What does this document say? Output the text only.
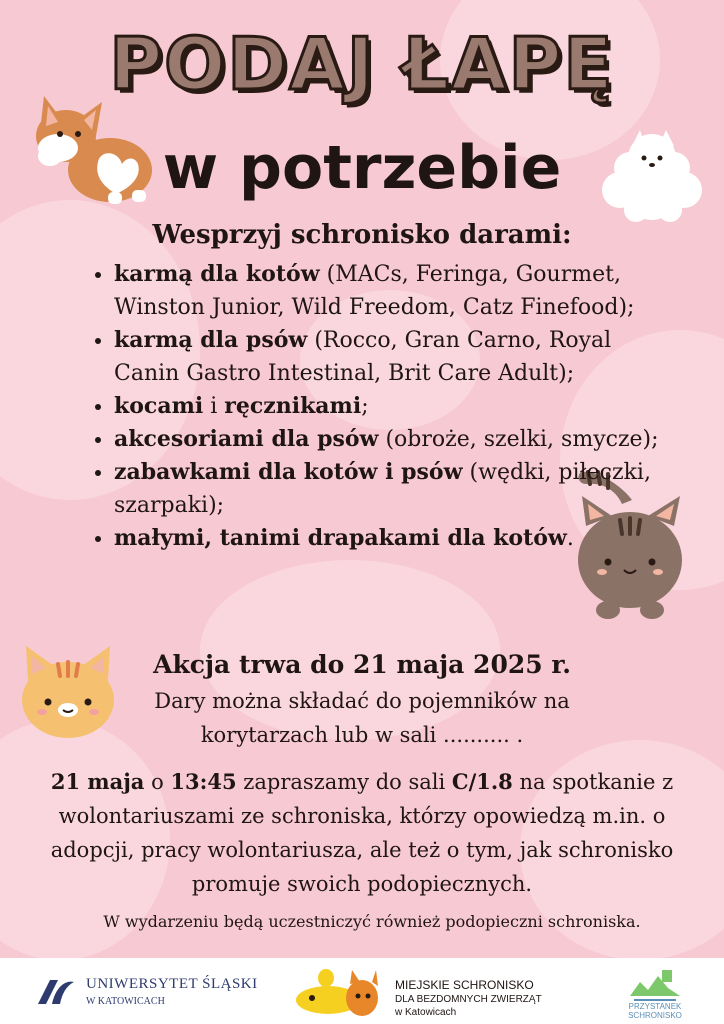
PODAJ ŁAPĘ
w potrzebie
Wesprzyj schronisko darami:
• karmą dla kotów (MACs, Feringa, Gourmet, Winston Junior, Wild Freedom, Catz Finefood);
• karmą dla psów (Rocco, Gran Carno, Royal Canin Gastro Intestinal, Brit Care Adult);
• kocami i ręcznikami;
• akcesoriami dla psów (obroże, szelki, smycze);
• zabawkami dla kotów i psów (wędki, piłeczki, szarpaki);
• małymi, tanimi drapakami dla kotów.
Akcja trwa do 21 maja 2025 r.
Dary można składać do pojemników na korytarzach lub w sali .......... .
21 maja o 13:45 zapraszamy do sali C/1.8 na spotkanie z wolontariuszami ze schroniska, którzy opowiedzą m.in. o adopcji, pracy wolontariusza, ale też o tym, jak schronisko promuje swoich podopiecznych.
W wydarzeniu będą uczestniczyć również podopieczni schroniska.
UNIWERSYTET ŚLĄSKI
W KATOWICACH
MIEJSKIE SCHRONISKO
DLA BEZDOMNYCH ZWIERZĄT
w Katowicach
PRZYSTANEK
SCHRONISKO
